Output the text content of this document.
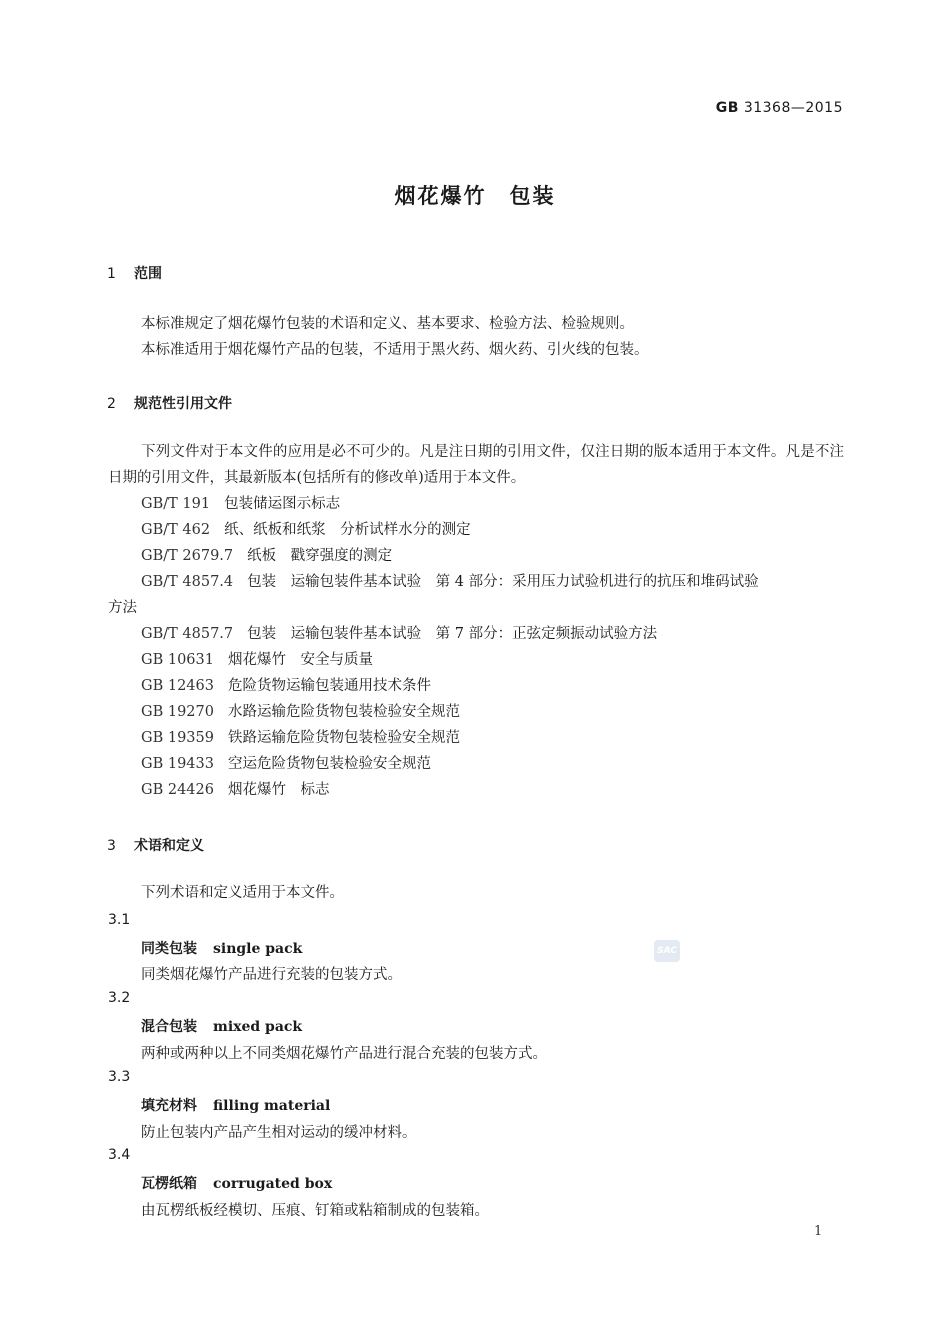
GB 31368—2015
烟花爆竹　包装
1 范围
本标准规定了烟花爆竹包装的术语和定义、基本要求、检验方法、检验规则。
本标准适用于烟花爆竹产品的包装，不适用于黑火药、烟火药、引火线的包装。
2 规范性引用文件
下列文件对于本文件的应用是必不可少的。凡是注日期的引用文件，仅注日期的版本适用于本文件。凡是不注日期的引用文件，其最新版本(包括所有的修改单)适用于本文件。
GB/T 191 包装储运图示标志
GB/T 462 纸、纸板和纸浆　分析试样水分的测定
GB/T 2679.7 纸板　戳穿强度的测定
GB/T 4857.4 包装　运输包装件基本试验　第 4 部分：采用压力试验机进行的抗压和堆码试验
方法
GB/T 4857.7 包装　运输包装件基本试验　第 7 部分：正弦定频振动试验方法
GB 10631 烟花爆竹　安全与质量
GB 12463 危险货物运输包装通用技术条件
GB 19270 水路运输危险货物包装检验安全规范
GB 19359 铁路运输危险货物包装检验安全规范
GB 19433 空运危险货物包装检验安全规范
GB 24426 烟花爆竹　标志
3 术语和定义
下列术语和定义适用于本文件。
3.1
同类包装 single pack
同类烟花爆竹产品进行充装的包装方式。
3.2
混合包装 mixed pack
两种或两种以上不同类烟花爆竹产品进行混合充装的包装方式。
3.3
填充材料 filling material
防止包装内产品产生相对运动的缓冲材料。
3.4
瓦楞纸箱 corrugated box
由瓦楞纸板经模切、压痕、钉箱或粘箱制成的包装箱。
SAC
1
